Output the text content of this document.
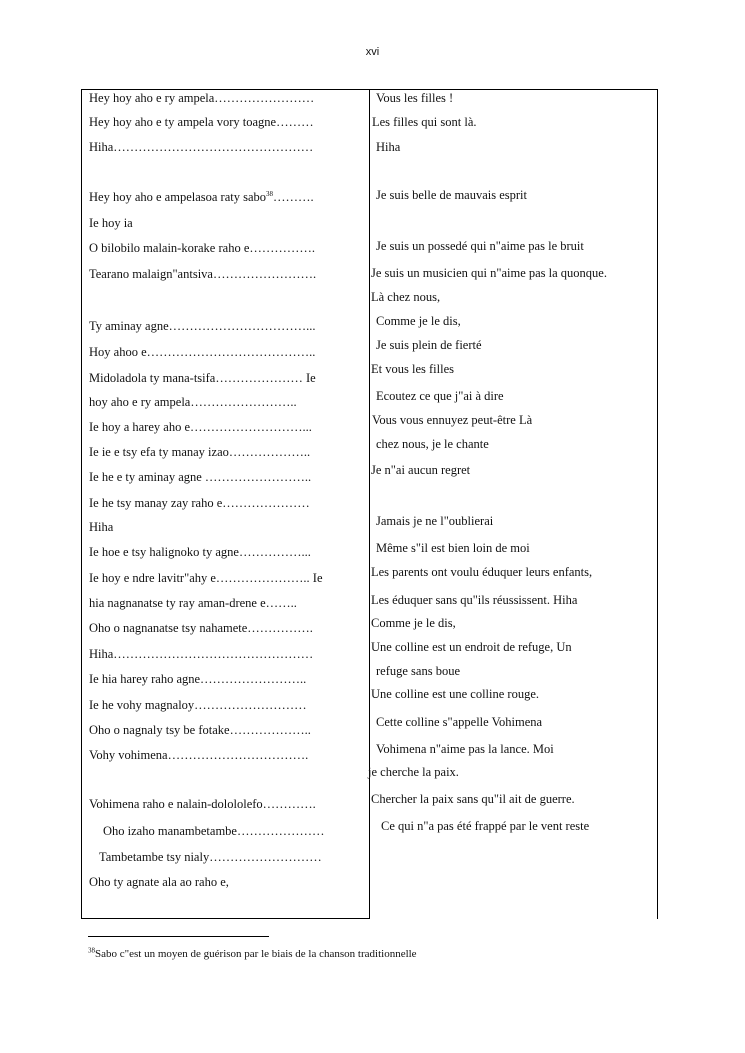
xvi
Hey hoy aho e ry ampela……………………
Hey hoy aho e ty ampela vory toagne………
Hiha…………………………………………
Hey hoy aho e ampelasoa raty sabo$^{38}$……….
Ie hoy ia
O bilobilo malain-korake raho e…………….
Tearano malaign"antsiva…………………….
Ty aminay agne……………………………...
Hoy ahoo e…………………………………..
Midoladola ty mana-tsifa………………… Ie
hoy aho e ry ampela……………………..
Ie hoy a harey aho e………………………...
Ie ie e tsy efa ty manay izao………………..
Ie he e ty aminay agne ……………………..
Ie he tsy manay zay raho e…………………
Hiha
Ie hoe e tsy halignoko ty agne……………...
Ie hoy e ndre lavitr"ahy e………………….. Ie
hia nagnanatse ty ray aman-drene e……..
Oho o nagnanatse tsy nahamete…………….
Hiha…………………………………………
Ie hia harey raho agne……………………..
Ie he vohy magnaloy………………………
Oho o nagnaly tsy be fotake………………..
Vohy vohimena…………………………….
Vohimena raho e nalain-dolololefo………….
Oho izaho manambetambe…………………
Tambetambe tsy nialy………………………
Oho ty agnate ala ao raho e,
Vous les filles !
Les filles qui sont là.
Hiha
Je suis belle de mauvais esprit
Je suis un possedé qui n"aime pas le bruit
Je suis un musicien qui n"aime pas la quonque.
Là chez nous,
Comme je le dis,
Je suis plein de fierté
Et vous les filles
Ecoutez ce que j"ai à dire
Vous vous ennuyez peut-être Là
chez nous, je le chante
Je n"ai aucun regret
Jamais je ne l"oublierai
Même s"il est bien loin de moi
Les parents ont voulu éduquer leurs enfants,
Les éduquer sans qu"ils réussissent. Hiha
Comme je le dis,
Une colline est un endroit de refuge, Un
refuge sans boue
Une colline est une colline rouge.
Cette colline s"appelle Vohimena
Vohimena n"aime pas la lance. Moi
je cherche la paix.
Chercher la paix sans qu"il ait de guerre.
Ce qui n"a pas été frappé par le vent reste
$^{38}$Sabo c"est un moyen de guérison par le biais de la chanson traditionnelle
